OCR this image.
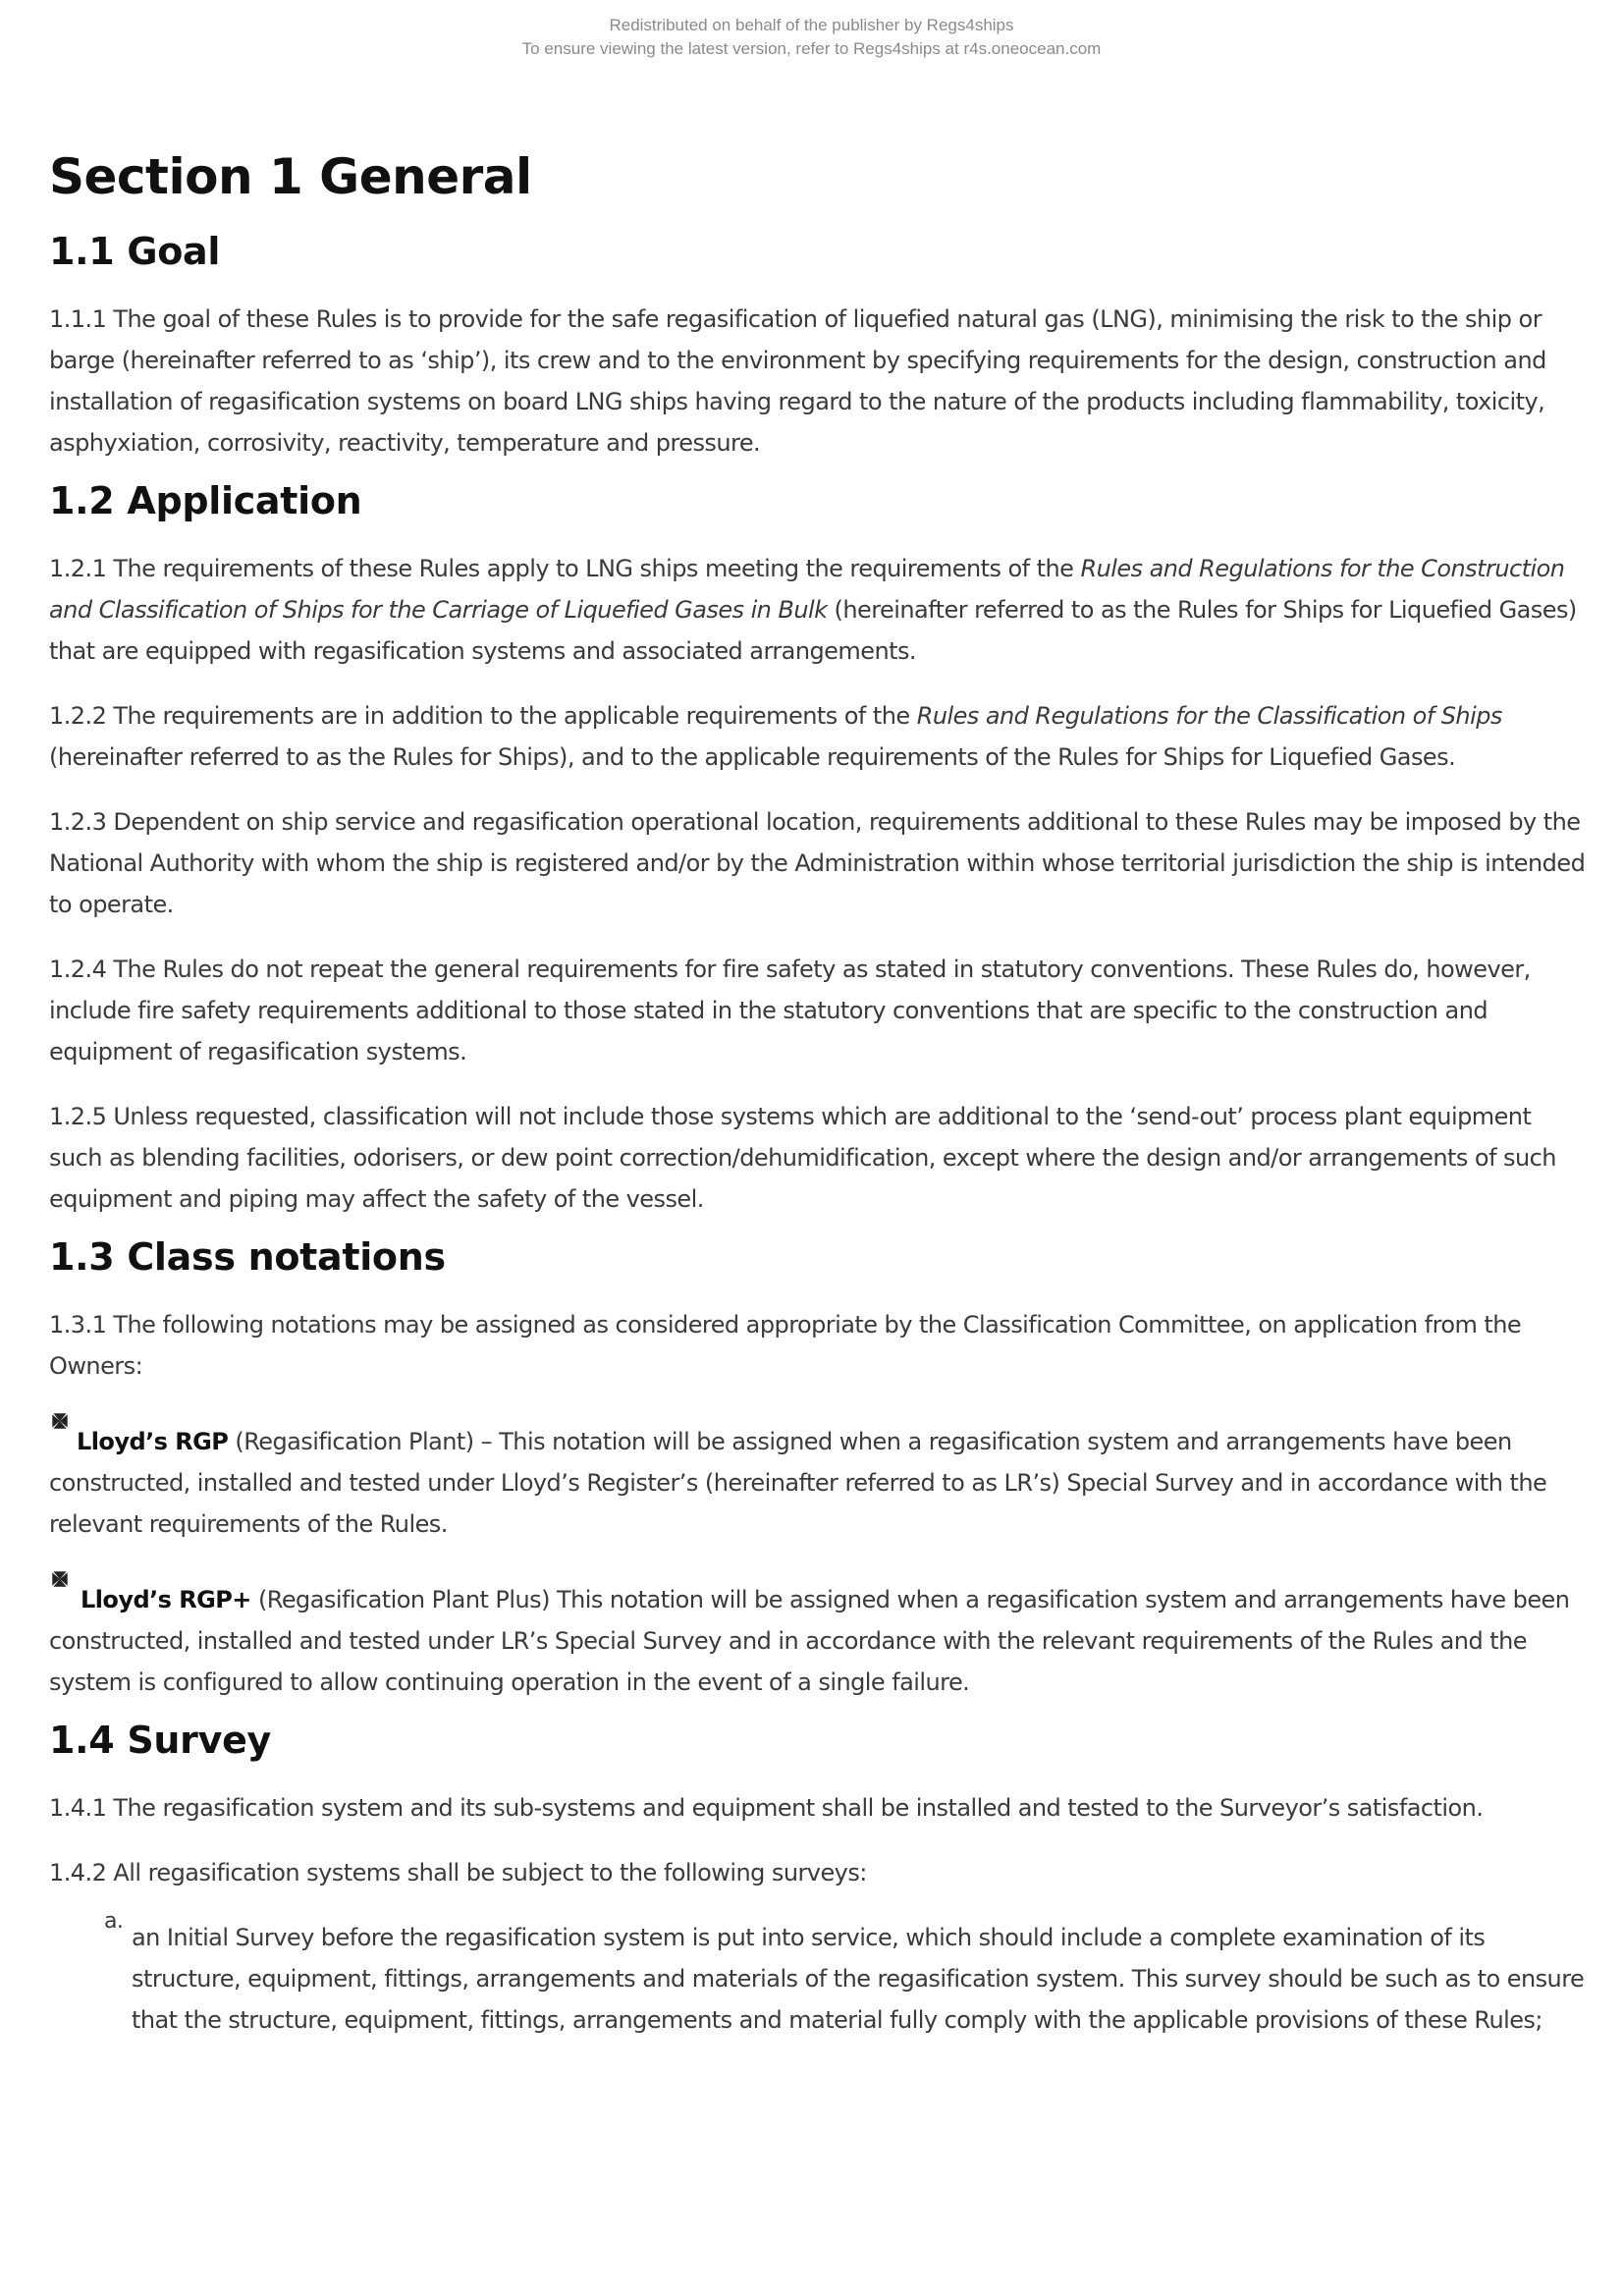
Redistributed on behalf of the publisher by Regs4ships
To ensure viewing the latest version, refer to Regs4ships at r4s.oneocean.com
Section 1 General
1.1 Goal

1.1.1 The goal of these Rules is to provide for the safe regasification of liquefied natural gas (LNG), minimising the risk to the ship or barge (hereinafter referred to as ‘ship’), its crew and to the environment by specifying requirements for the design, construction and installation of regasification systems on board LNG ships having regard to the nature of the products including flammability, toxicity, asphyxiation, corrosivity, reactivity, temperature and pressure.

1.2 Application

1.2.1 The requirements of these Rules apply to LNG ships meeting the requirements of the Rules and Regulations for the Construction and Classification of Ships for the Carriage of Liquefied Gases in Bulk (hereinafter referred to as the Rules for Ships for Liquefied Gases) that are equipped with regasification systems and associated arrangements.

1.2.2 The requirements are in addition to the applicable requirements of the Rules and Regulations for the Classification of Ships (hereinafter referred to as the Rules for Ships), and to the applicable requirements of the Rules for Ships for Liquefied Gases.

1.2.3 Dependent on ship service and regasification operational location, requirements additional to these Rules may be imposed by the National Authority with whom the ship is registered and/or by the Administration within whose territorial jurisdiction the ship is intended to operate.

1.2.4 The Rules do not repeat the general requirements for fire safety as stated in statutory conventions. These Rules do, however, include fire safety requirements additional to those stated in the statutory conventions that are specific to the construction and equipment of regasification systems.

1.2.5 Unless requested, classification will not include those systems which are additional to the ‘send-out’ process plant equipment such as blending facilities, odorisers, or dew point correction/dehumidification, except where the design and/or arrangements of such equipment and piping may affect the safety of the vessel.

1.3 Class notations

1.3.1 The following notations may be assigned as considered appropriate by the Classification Committee, on application from the Owners:

Lloyd’s RGP (Regasification Plant) – This notation will be assigned when a regasification system and arrangements have been constructed, installed and tested under Lloyd’s Register’s (hereinafter referred to as LR’s) Special Survey and in accordance with the relevant requirements of the Rules.

Lloyd’s RGP+ (Regasification Plant Plus) This notation will be assigned when a regasification system and arrangements have been constructed, installed and tested under LR’s Special Survey and in accordance with the relevant requirements of the Rules and the system is configured to allow continuing operation in the event of a single failure.

1.4 Survey

1.4.1 The regasification system and its sub-systems and equipment shall be installed and tested to the Surveyor’s satisfaction.

1.4.2 All regasification systems shall be subject to the following surveys:

a.
an Initial Survey before the regasification system is put into service, which should include a complete examination of its structure, equipment, fittings, arrangements and materials of the regasification system. This survey should be such as to ensure that the structure, equipment, fittings, arrangements and material fully comply with the applicable provisions of these Rules;
